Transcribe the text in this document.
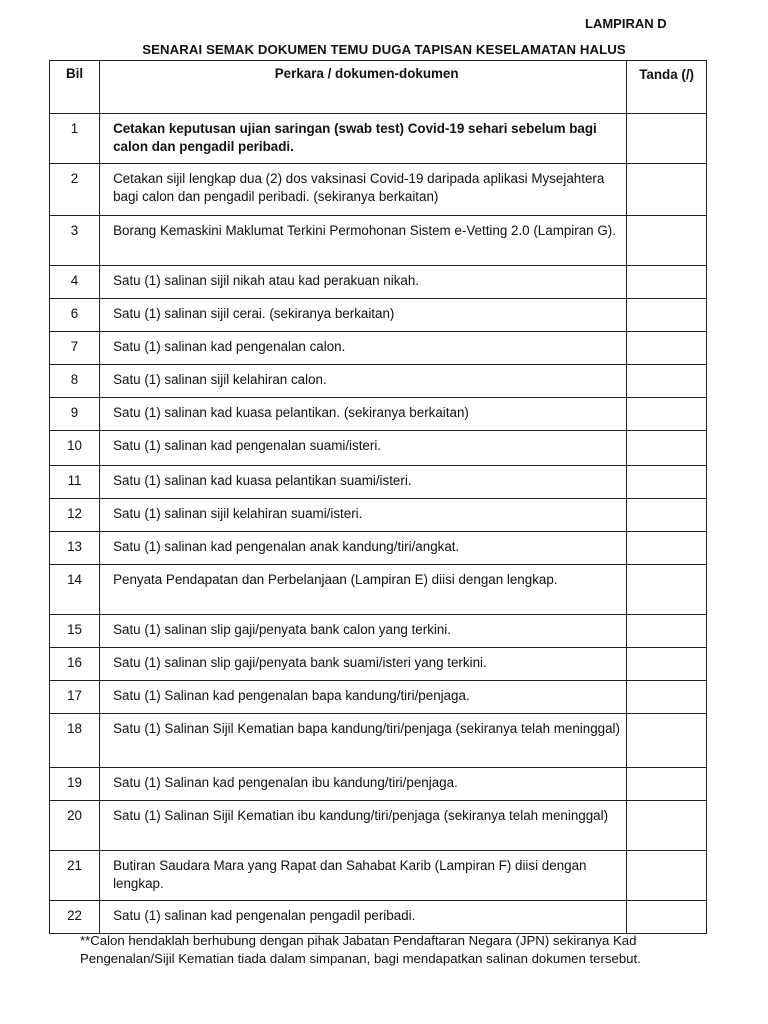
LAMPIRAN D
SENARAI SEMAK DOKUMEN TEMU DUGA TAPISAN KESELAMATAN HALUS
Bil	Perkara / dokumen-dokumen	Tanda (/)
1	Cetakan keputusan ujian saringan (swab test) Covid-19 sehari sebelum bagi calon dan pengadil peribadi.	
2	Cetakan sijil lengkap dua (2) dos vaksinasi Covid-19 daripada aplikasi Mysejahtera bagi calon dan pengadil peribadi. (sekiranya berkaitan)	
3	Borang Kemaskini Maklumat Terkini Permohonan Sistem e-Vetting 2.0 (Lampiran G).	
4	Satu (1) salinan sijil nikah atau kad perakuan nikah.	
6	Satu (1) salinan sijil cerai. (sekiranya berkaitan)	
7	Satu (1) salinan kad pengenalan calon.	
8	Satu (1) salinan sijil kelahiran calon.	
9	Satu (1) salinan kad kuasa pelantikan. (sekiranya berkaitan)	
10	Satu (1) salinan kad pengenalan suami/isteri.	
11	Satu (1) salinan kad kuasa pelantikan suami/isteri.	
12	Satu (1) salinan sijil kelahiran suami/isteri.	
13	Satu (1) salinan kad pengenalan anak kandung/tiri/angkat.	
14	Penyata Pendapatan dan Perbelanjaan (Lampiran E) diisi dengan lengkap.	
15	Satu (1) salinan slip gaji/penyata bank calon yang terkini.	
16	Satu (1) salinan slip gaji/penyata bank suami/isteri yang terkini.	
17	Satu (1) Salinan kad pengenalan bapa kandung/tiri/penjaga.	
18	Satu (1) Salinan Sijil Kematian bapa kandung/tiri/penjaga (sekiranya telah meninggal)	
19	Satu (1) Salinan kad pengenalan ibu kandung/tiri/penjaga.	
20	Satu (1) Salinan Sijil Kematian ibu kandung/tiri/penjaga (sekiranya telah meninggal)	
21	Butiran Saudara Mara yang Rapat dan Sahabat Karib (Lampiran F) diisi dengan lengkap.	
22	Satu (1) salinan kad pengenalan pengadil peribadi.	
**Calon hendaklah berhubung dengan pihak Jabatan Pendaftaran Negara (JPN) sekiranya Kad Pengenalan/Sijil Kematian tiada dalam simpanan, bagi mendapatkan salinan dokumen tersebut.
